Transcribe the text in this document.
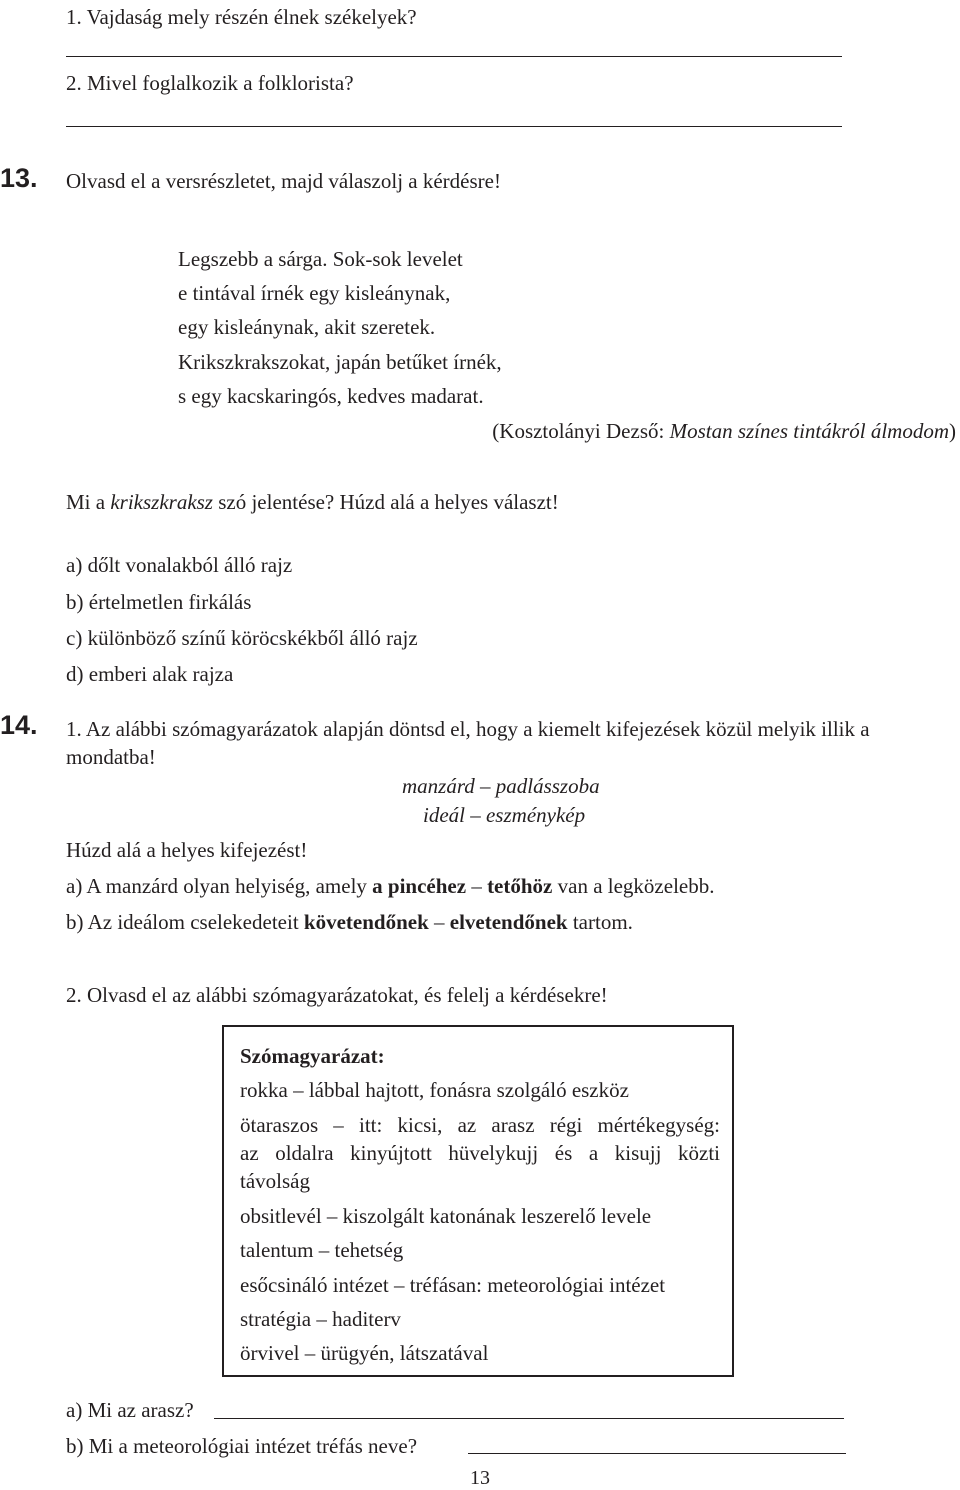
1. Vajdaság mely részén élnek székelyek?
2. Mivel foglalkozik a folklorista?
13. Olvasd el a versrészletet, majd válaszolj a kérdésre!
Legszebb a sárga. Sok-sok levelet
e tintával írnék egy kisleánynak,
egy kisleánynak, akit szeretek.
Krikszkrakszokat, japán betűket írnék,
s egy kacskaringós, kedves madarat.
(Kosztolányi Dezső: Mostan színes tintákról álmodom)
Mi a krikszkraksz szó jelentése? Húzd alá a helyes választ!
a) dőlt vonalakból álló rajz
b) értelmetlen firkálás
c) különböző színű köröcskékből álló rajz
d) emberi alak rajza
14. 1. Az alábbi szómagyarázatok alapján döntsd el, hogy a kiemelt kifejezések közül melyik illik a
mondatba!
manzárd – padlásszoba
ideál – eszménykép
Húzd alá a helyes kifejezést!
a) A manzárd olyan helyiség, amely a pincéhez – tetőhöz van a legközelebb.
b) Az ideálom cselekedeteit követendőnek – elvetendőnek tartom.
2. Olvasd el az alábbi szómagyarázatokat, és felelj a kérdésekre!
Szómagyarázat:
rokka – lábbal hajtott, fonásra szolgáló eszköz
ötaraszos – itt: kicsi, az arasz régi mértékegység:
az oldalra kinyújtott hüvelykujj és a kisujj közti
távolság
obsitlevél – kiszolgált katonának leszerelő levele
talentum – tehetség
esőcsináló intézet – tréfásan: meteorológiai intézet
stratégia – haditerv
örvivel – ürügyén, látszatával
a) Mi az arasz?
b) Mi a meteorológiai intézet tréfás neve?
13
